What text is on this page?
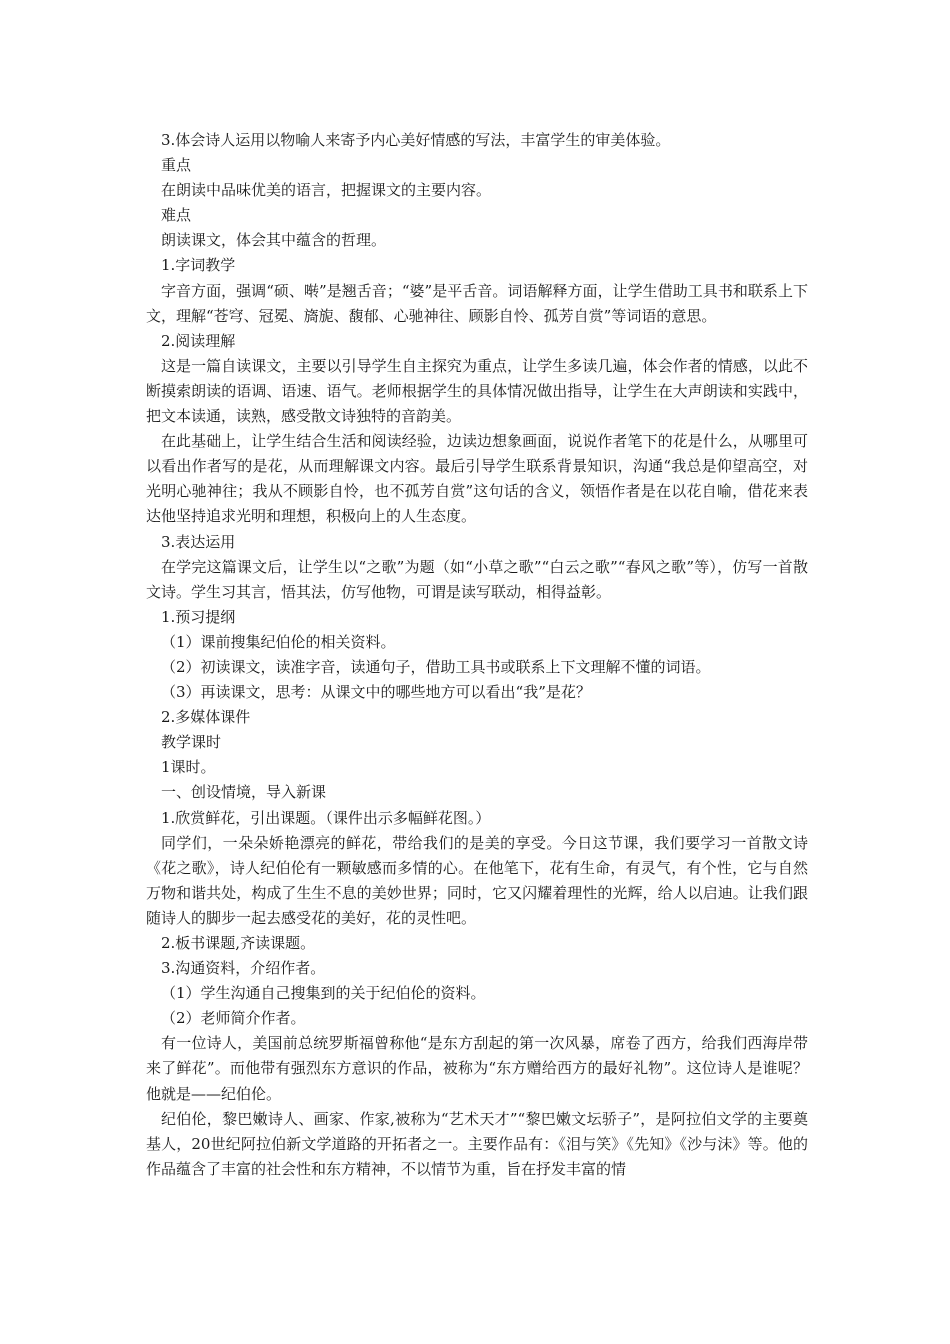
3.体会诗人运用以物喻人来寄予内心美好情感的写法，丰富学生的审美体验。

重点

在朗读中品味优美的语言，把握课文的主要内容。

难点

朗读课文，体会其中蕴含的哲理。

1.字词教学

字音方面，强调“硕、啭”是翘舌音；“婆”是平舌音。词语解释方面，让学生借助工具书和联系上下文，理解“苍穹、冠冕、旖旎、馥郁、心驰神往、顾影自怜、孤芳自赏”等词语的意思。

2.阅读理解

这是一篇自读课文，主要以引导学生自主探究为重点，让学生多读几遍，体会作者的情感，以此不断摸索朗读的语调、语速、语气。老师根据学生的具体情况做出指导，让学生在大声朗读和实践中，把文本读通，读熟，感受散文诗独特的音韵美。

在此基础上，让学生结合生活和阅读经验，边读边想象画面，说说作者笔下的花是什么，从哪里可以看出作者写的是花，从而理解课文内容。最后引导学生联系背景知识，沟通“我总是仰望高空，对光明心驰神往；我从不顾影自怜，也不孤芳自赏”这句话的含义，领悟作者是在以花自喻，借花来表达他坚持追求光明和理想，积极向上的人生态度。

3.表达运用

在学完这篇课文后，让学生以“之歌”为题（如“小草之歌”“白云之歌”“春风之歌”等），仿写一首散文诗。学生习其言，悟其法，仿写他物，可谓是读写联动，相得益彰。

1.预习提纲

（1）课前搜集纪伯伦的相关资料。

（2）初读课文，读准字音，读通句子，借助工具书或联系上下文理解不懂的词语。

（3）再读课文，思考：从课文中的哪些地方可以看出“我”是花？

2.多媒体课件

教学课时

1课时。

一、创设情境，导入新课

1.欣赏鲜花，引出课题。（课件出示多幅鲜花图。）

同学们，一朵朵娇艳漂亮的鲜花，带给我们的是美的享受。今日这节课，我们要学习一首散文诗《花之歌》，诗人纪伯伦有一颗敏感而多情的心。在他笔下，花有生命，有灵气，有个性，它与自然万物和谐共处，构成了生生不息的美妙世界；同时，它又闪耀着理性的光辉，给人以启迪。让我们跟随诗人的脚步一起去感受花的美好，花的灵性吧。

2.板书课题,齐读课题。

3.沟通资料，介绍作者。

（1）学生沟通自己搜集到的关于纪伯伦的资料。

（2）老师简介作者。

有一位诗人，美国前总统罗斯福曾称他“是东方刮起的第一次风暴，席卷了西方，给我们西海岸带来了鲜花”。而他带有强烈东方意识的作品，被称为“东方赠给西方的最好礼物”。这位诗人是谁呢？他就是——纪伯伦。

纪伯伦，黎巴嫩诗人、画家、作家,被称为“艺术天才”“黎巴嫩文坛骄子”，是阿拉伯文学的主要奠基人，20世纪阿拉伯新文学道路的开拓者之一。主要作品有：《泪与笑》《先知》《沙与沫》等。他的作品蕴含了丰富的社会性和东方精神，不以情节为重，旨在抒发丰富的情
